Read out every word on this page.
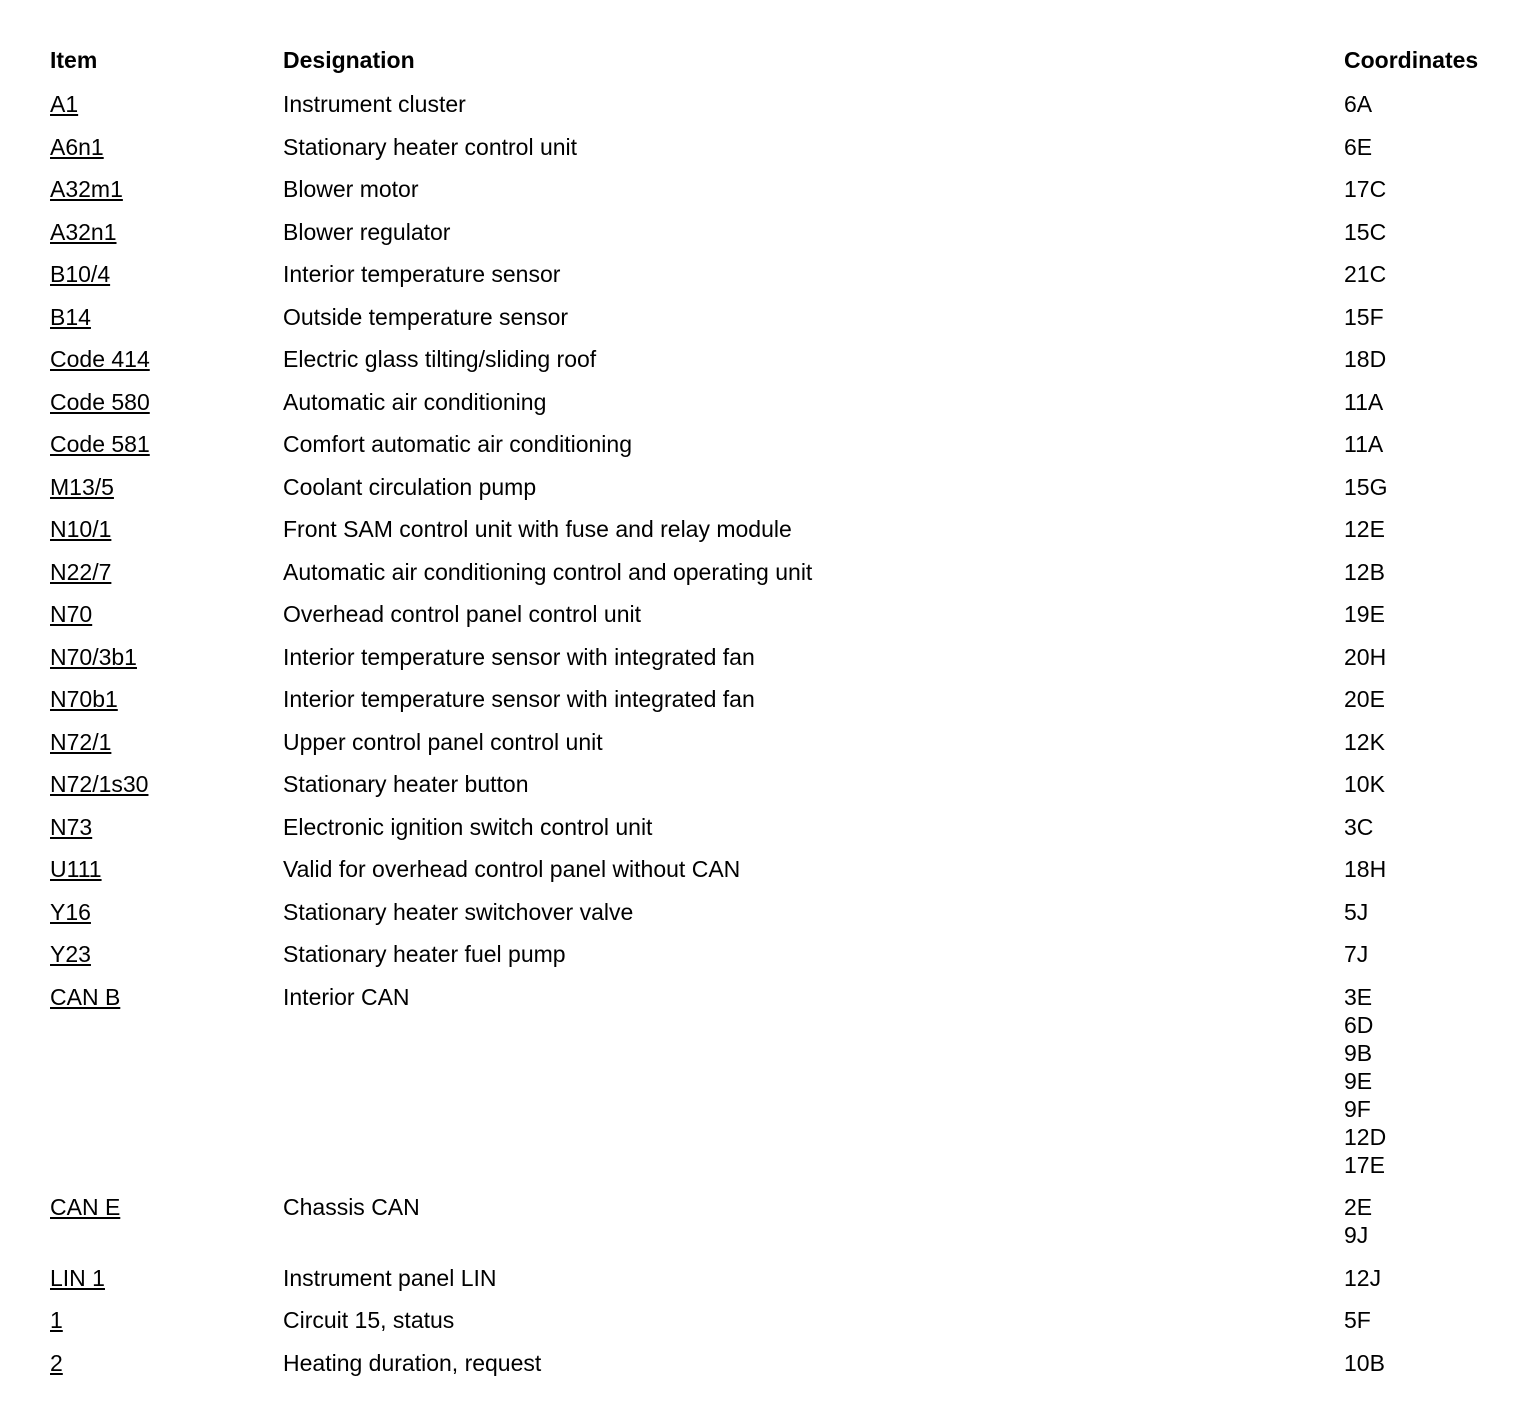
Item	Designation	Coordinates
A1	Instrument cluster	6A
A6n1	Stationary heater control unit	6E
A32m1	Blower motor	17C
A32n1	Blower regulator	15C
B10/4	Interior temperature sensor	21C
B14	Outside temperature sensor	15F
Code 414	Electric glass tilting/sliding roof	18D
Code 580	Automatic air conditioning	11A
Code 581	Comfort automatic air conditioning	11A
M13/5	Coolant circulation pump	15G
N10/1	Front SAM control unit with fuse and relay module	12E
N22/7	Automatic air conditioning control and operating unit	12B
N70	Overhead control panel control unit	19E
N70/3b1	Interior temperature sensor with integrated fan	20H
N70b1	Interior temperature sensor with integrated fan	20E
N72/1	Upper control panel control unit	12K
N72/1s30	Stationary heater button	10K
N73	Electronic ignition switch control unit	3C
U111	Valid for overhead control panel without CAN	18H
Y16	Stationary heater switchover valve	5J
Y23	Stationary heater fuel pump	7J
CAN B	Interior CAN	3E
6D
9B
9E
9F
12D
17E
CAN E	Chassis CAN	2E
9J
LIN 1	Instrument panel LIN	12J
1	Circuit 15, status	5F
2	Heating duration, request	10B
